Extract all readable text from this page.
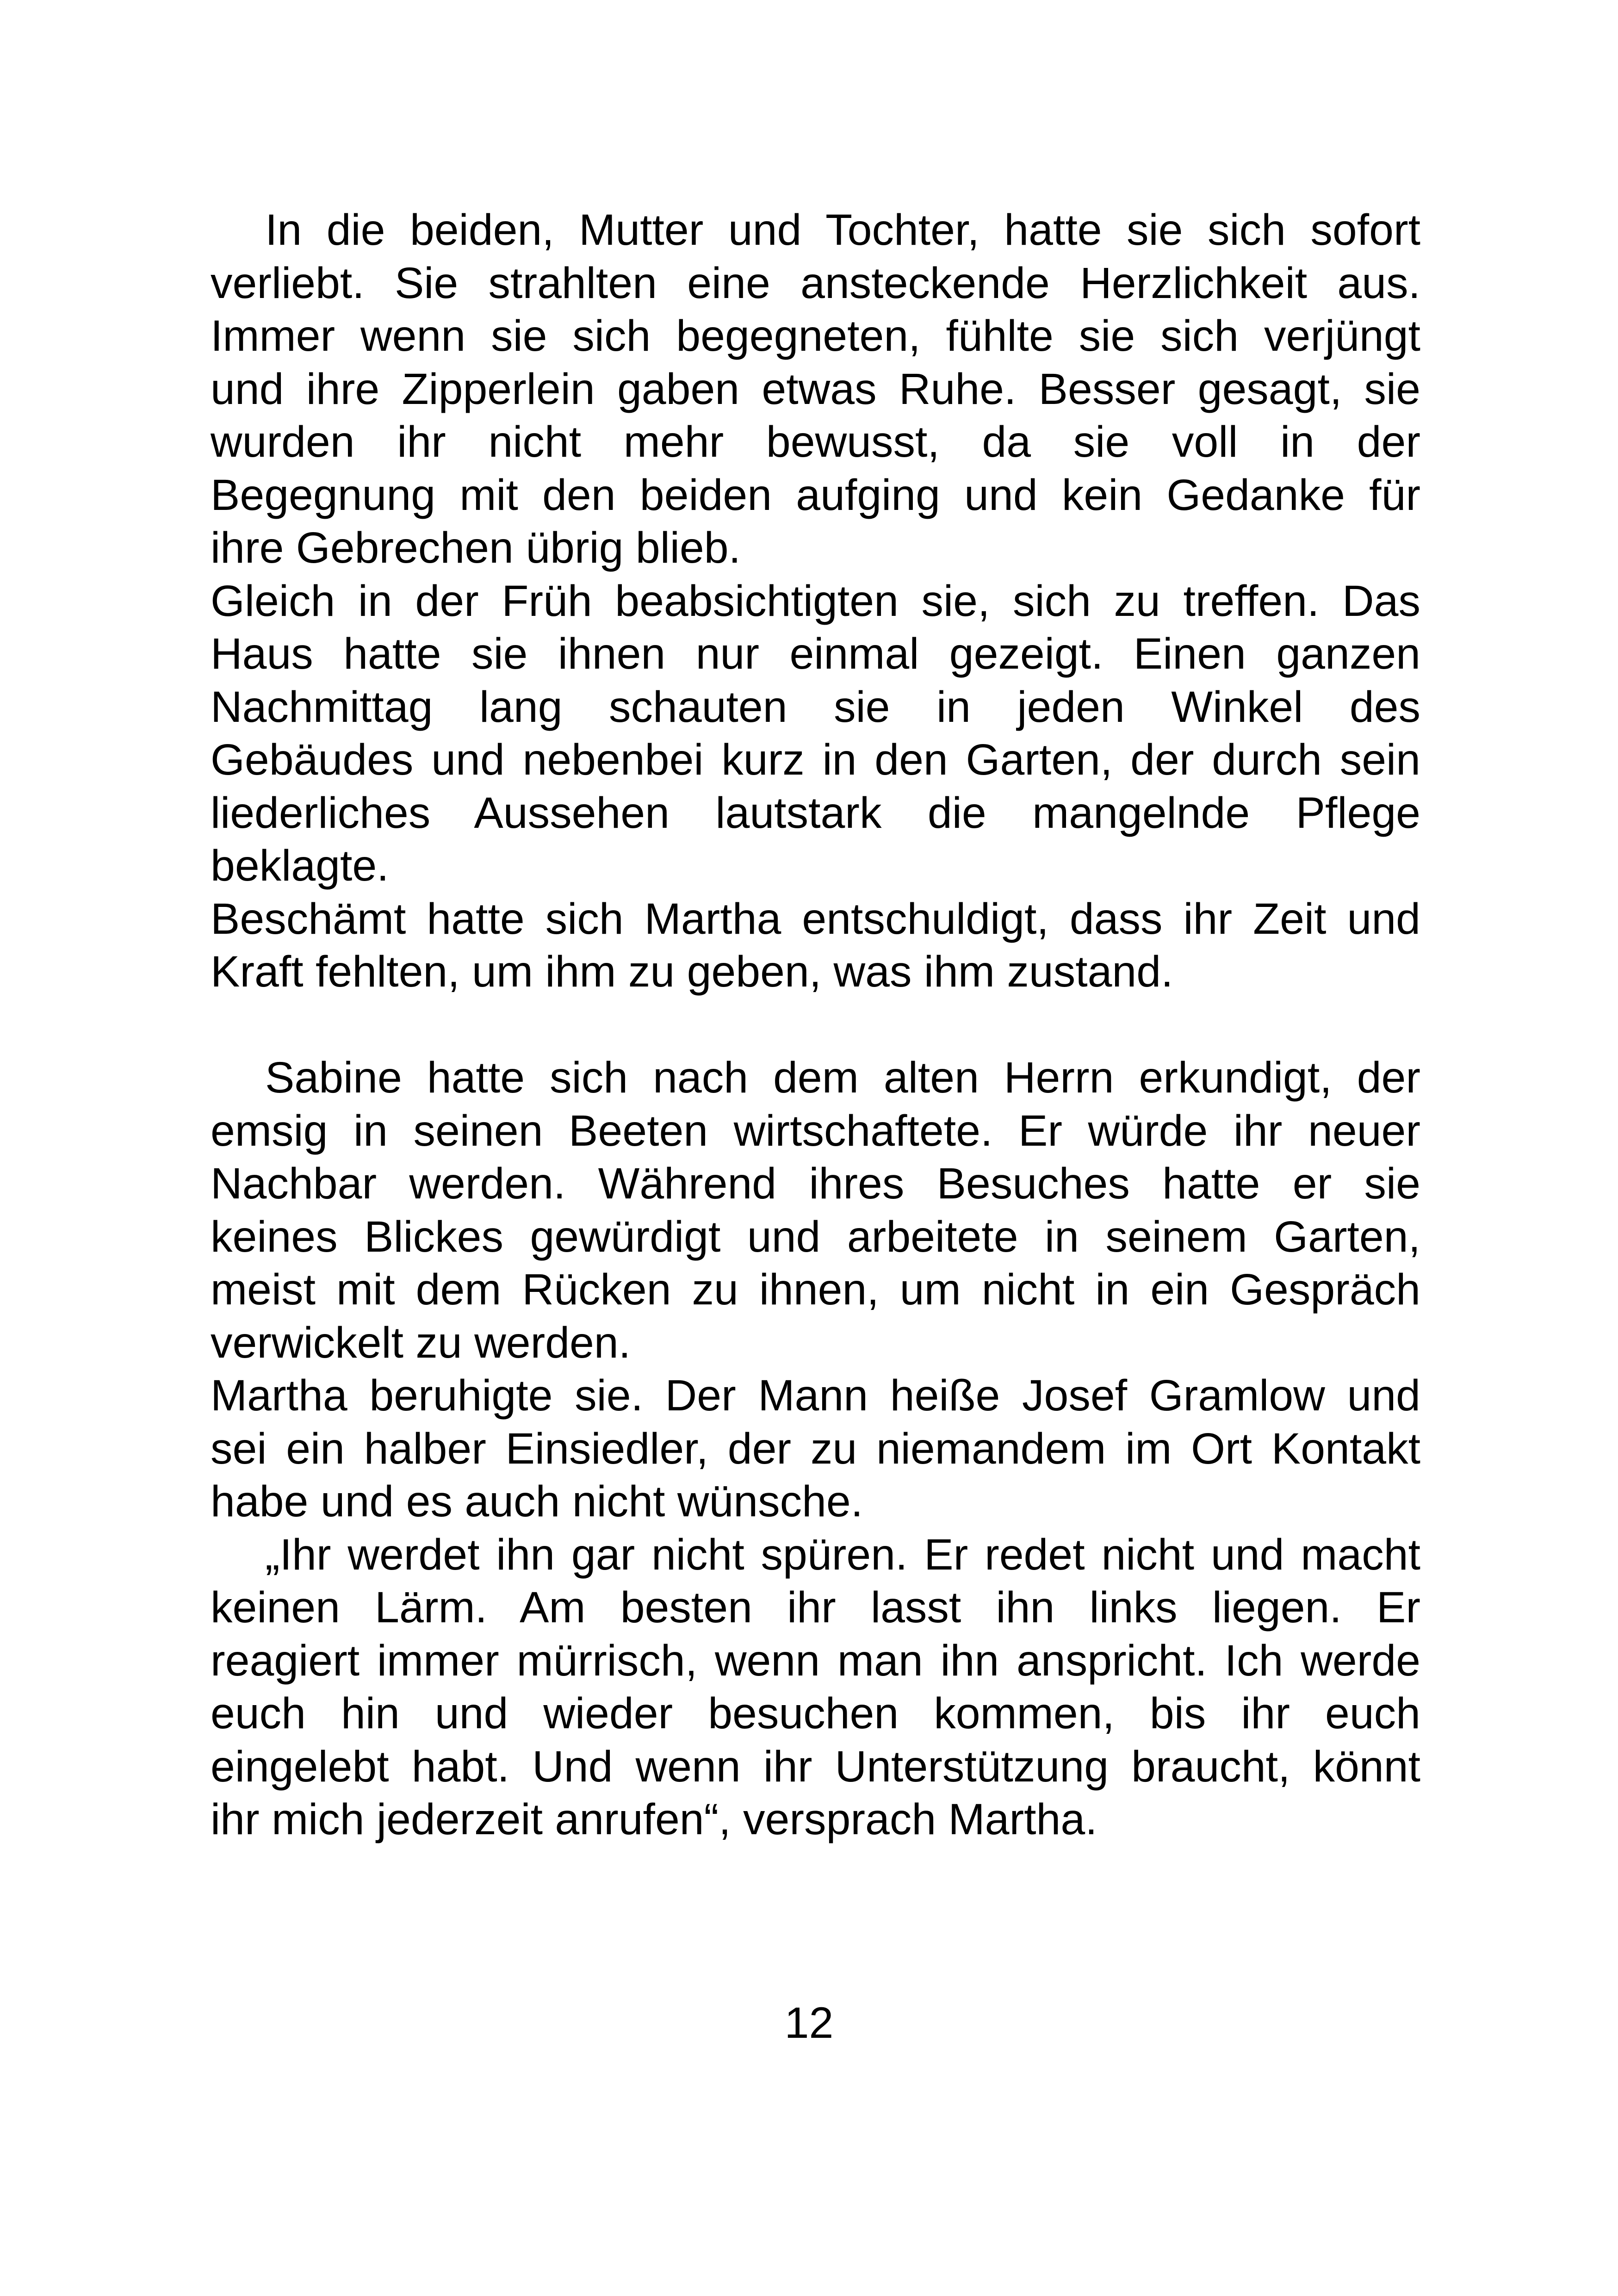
In die beiden, Mutter und Tochter, hatte sie sich sofort
verliebt. Sie strahlten eine ansteckende Herzlichkeit aus.
Immer wenn sie sich begegneten, fühlte sie sich verjüngt
und ihre Zipperlein gaben etwas Ruhe. Besser gesagt, sie
wurden ihr nicht mehr bewusst, da sie voll in der
Begegnung mit den beiden aufging und kein Gedanke für
ihre Gebrechen übrig blieb.
Gleich in der Früh beabsichtigten sie, sich zu treffen. Das
Haus hatte sie ihnen nur einmal gezeigt. Einen ganzen
Nachmittag lang schauten sie in jeden Winkel des
Gebäudes und nebenbei kurz in den Garten, der durch sein
liederliches Aussehen lautstark die mangelnde Pflege
beklagte.
Beschämt hatte sich Martha entschuldigt, dass ihr Zeit und
Kraft fehlten, um ihm zu geben, was ihm zustand.
Sabine hatte sich nach dem alten Herrn erkundigt, der
emsig in seinen Beeten wirtschaftete. Er würde ihr neuer
Nachbar werden. Während ihres Besuches hatte er sie
keines Blickes gewürdigt und arbeitete in seinem Garten,
meist mit dem Rücken zu ihnen, um nicht in ein Gespräch
verwickelt zu werden.
Martha beruhigte sie. Der Mann heiße Josef Gramlow und
sei ein halber Einsiedler, der zu niemandem im Ort Kontakt
habe und es auch nicht wünsche.
„Ihr werdet ihn gar nicht spüren. Er redet nicht und macht
keinen Lärm. Am besten ihr lasst ihn links liegen. Er
reagiert immer mürrisch, wenn man ihn anspricht. Ich werde
euch hin und wieder besuchen kommen, bis ihr euch
eingelebt habt. Und wenn ihr Unterstützung braucht, könnt
ihr mich jederzeit anrufen“, versprach Martha.
12
